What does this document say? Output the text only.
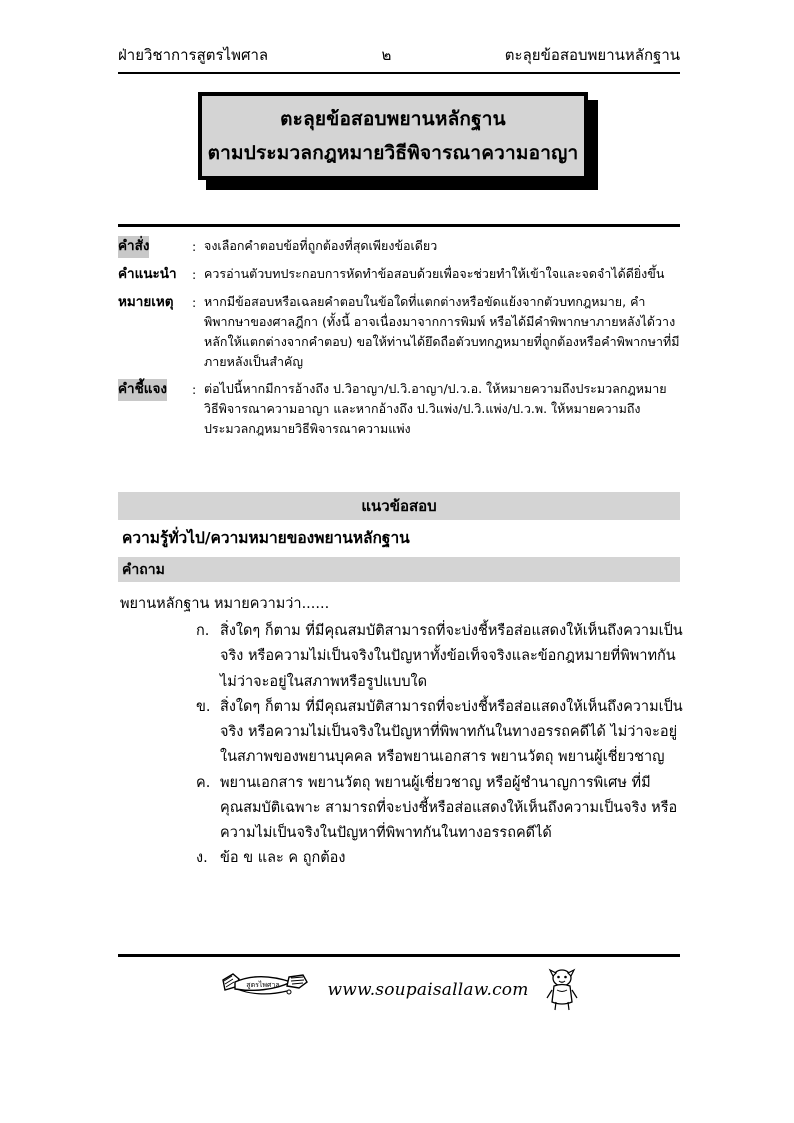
ฝ่ายวิชาการสูตรไพศาล	๒	ตะลุยข้อสอบพยานหลักฐาน
ตะลุยข้อสอบพยานหลักฐาน
ตามประมวลกฎหมายวิธีพิจารณาความอาญา
คำสั่ง	: จงเลือกคำตอบข้อที่ถูกต้องที่สุดเพียงข้อเดียว
คำแนะนำ	: ควรอ่านตัวบทประกอบการหัดทำข้อสอบด้วยเพื่อจะช่วยทำให้เข้าใจและจดจำได้ดียิ่งขึ้น
หมายเหตุ	: หากมีข้อสอบหรือเฉลยคำตอบในข้อใดที่แตกต่างหรือขัดแย้งจากตัวบทกฎหมาย, คำพิพากษาของศาลฎีกา (ทั้งนี้ อาจเนื่องมาจากการพิมพ์ หรือได้มีคำพิพากษาภายหลังได้วางหลักให้แตกต่างจากคำตอบ) ขอให้ท่านได้ยึดถือตัวบทกฎหมายที่ถูกต้องหรือคำพิพากษาที่มีภายหลังเป็นสำคัญ
คำชี้แจง	: ต่อไปนี้หากมีการอ้างถึง ป.วิอาญา/ป.วิ.อาญา/ป.ว.อ. ให้หมายความถึงประมวลกฎหมายวิธีพิจารณาความอาญา และหากอ้างถึง ป.วิแพ่ง/ป.วิ.แพ่ง/ป.ว.พ. ให้หมายความถึงประมวลกฎหมายวิธีพิจารณาความแพ่ง
แนวข้อสอบ
ความรู้ทั่วไป/ความหมายของพยานหลักฐาน
คำถาม

พยานหลักฐาน หมายความว่า......

ก. สิ่งใดๆ ก็ตาม ที่มีคุณสมบัติสามารถที่จะบ่งชี้หรือส่อแสดงให้เห็นถึงความเป็นจริง หรือความไม่เป็นจริงในปัญหาทั้งข้อเท็จจริงและข้อกฎหมายที่พิพาทกัน ไม่ว่าจะอยู่ในสภาพหรือรูปแบบใด
ข. สิ่งใดๆ ก็ตาม ที่มีคุณสมบัติสามารถที่จะบ่งชี้หรือส่อแสดงให้เห็นถึงความเป็นจริง หรือความไม่เป็นจริงในปัญหาที่พิพาทกันในทางอรรถคดีได้ ไม่ว่าจะอยู่ในสภาพของพยานบุคคล หรือพยานเอกสาร พยานวัตถุ พยานผู้เชี่ยวชาญ
ค. พยานเอกสาร พยานวัตถุ พยานผู้เชี่ยวชาญ หรือผู้ชำนาญการพิเศษ ที่มีคุณสมบัติเฉพาะ สามารถที่จะบ่งชี้หรือส่อแสดงให้เห็นถึงความเป็นจริง หรือความไม่เป็นจริงในปัญหาที่พิพาทกันในทางอรรถคดีได้
ง. ข้อ ข และ ค ถูกต้อง
สูตรไพศาล	www.soupaisallaw.com
